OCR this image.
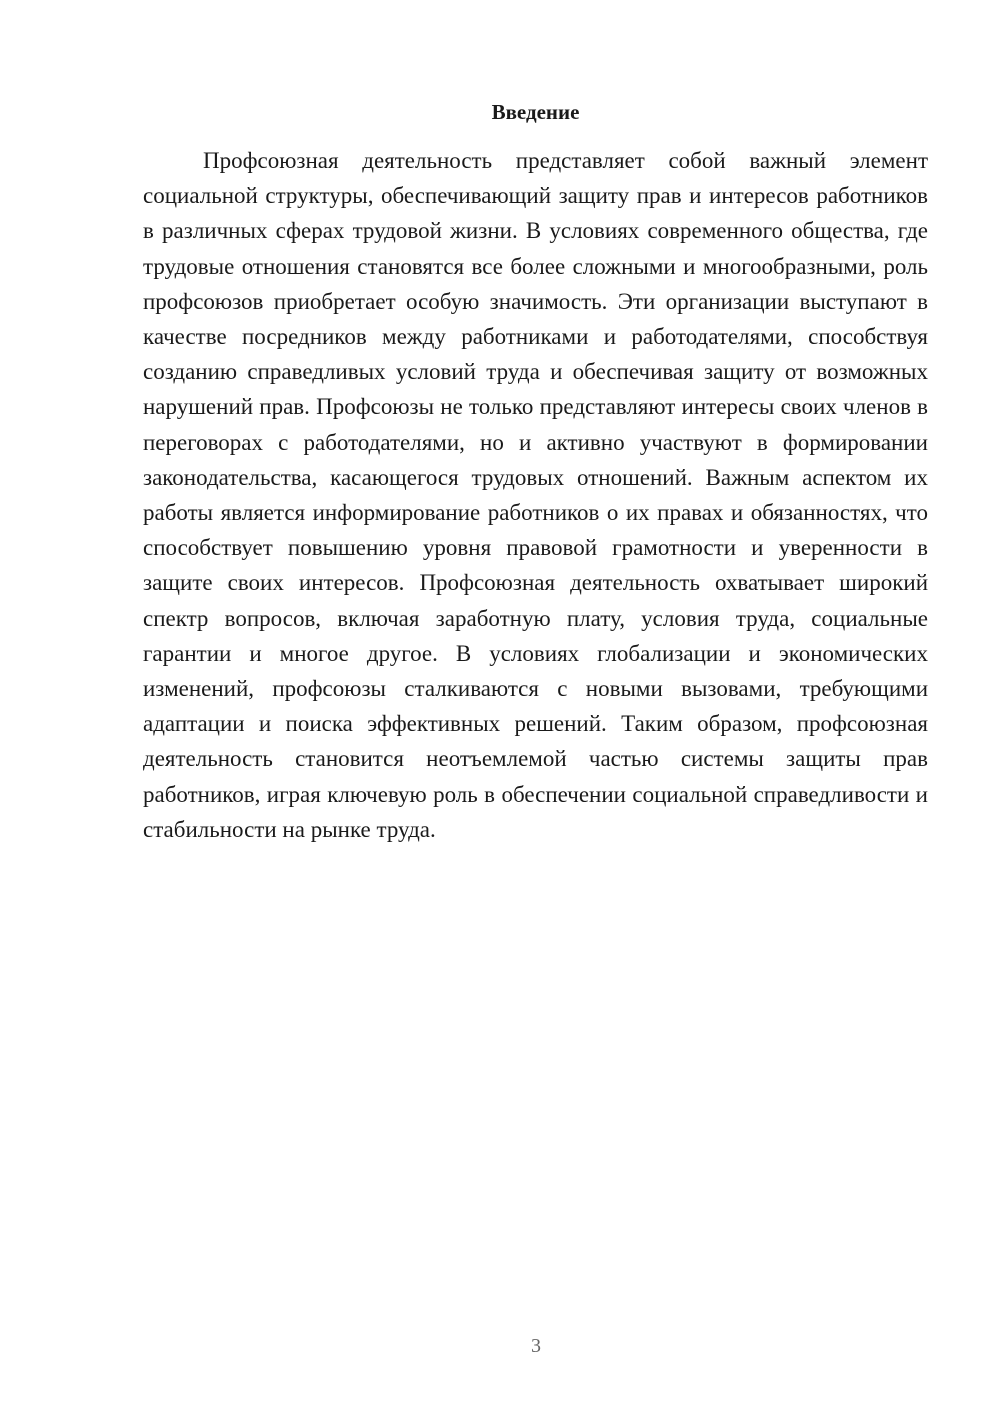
Введение

Профсоюзная деятельность представляет собой важный элемент социальной структуры, обеспечивающий защиту прав и интересов работников в различных сферах трудовой жизни. В условиях современного общества, где трудовые отношения становятся все более сложными и многообразными, роль профсоюзов приобретает особую значимость. Эти организации выступают в качестве посредников между работниками и работодателями, способствуя созданию справедливых условий труда и обеспечивая защиту от возможных нарушений прав. Профсоюзы не только представляют интересы своих членов в переговорах с работодателями, но и активно участвуют в формировании законодательства, касающегося трудовых отношений. Важным аспектом их работы является информирование работников о их правах и обязанностях, что способствует повышению уровня правовой грамотности и уверенности в защите своих интересов. Профсоюзная деятельность охватывает широкий спектр вопросов, включая заработную плату, условия труда, социальные гарантии и многое другое. В условиях глобализации и экономических изменений, профсоюзы сталкиваются с новыми вызовами, требующими адаптации и поиска эффективных решений. Таким образом, профсоюзная деятельность становится неотъемлемой частью системы защиты прав работников, играя ключевую роль в обеспечении социальной справедливости и стабильности на рынке труда.

3
